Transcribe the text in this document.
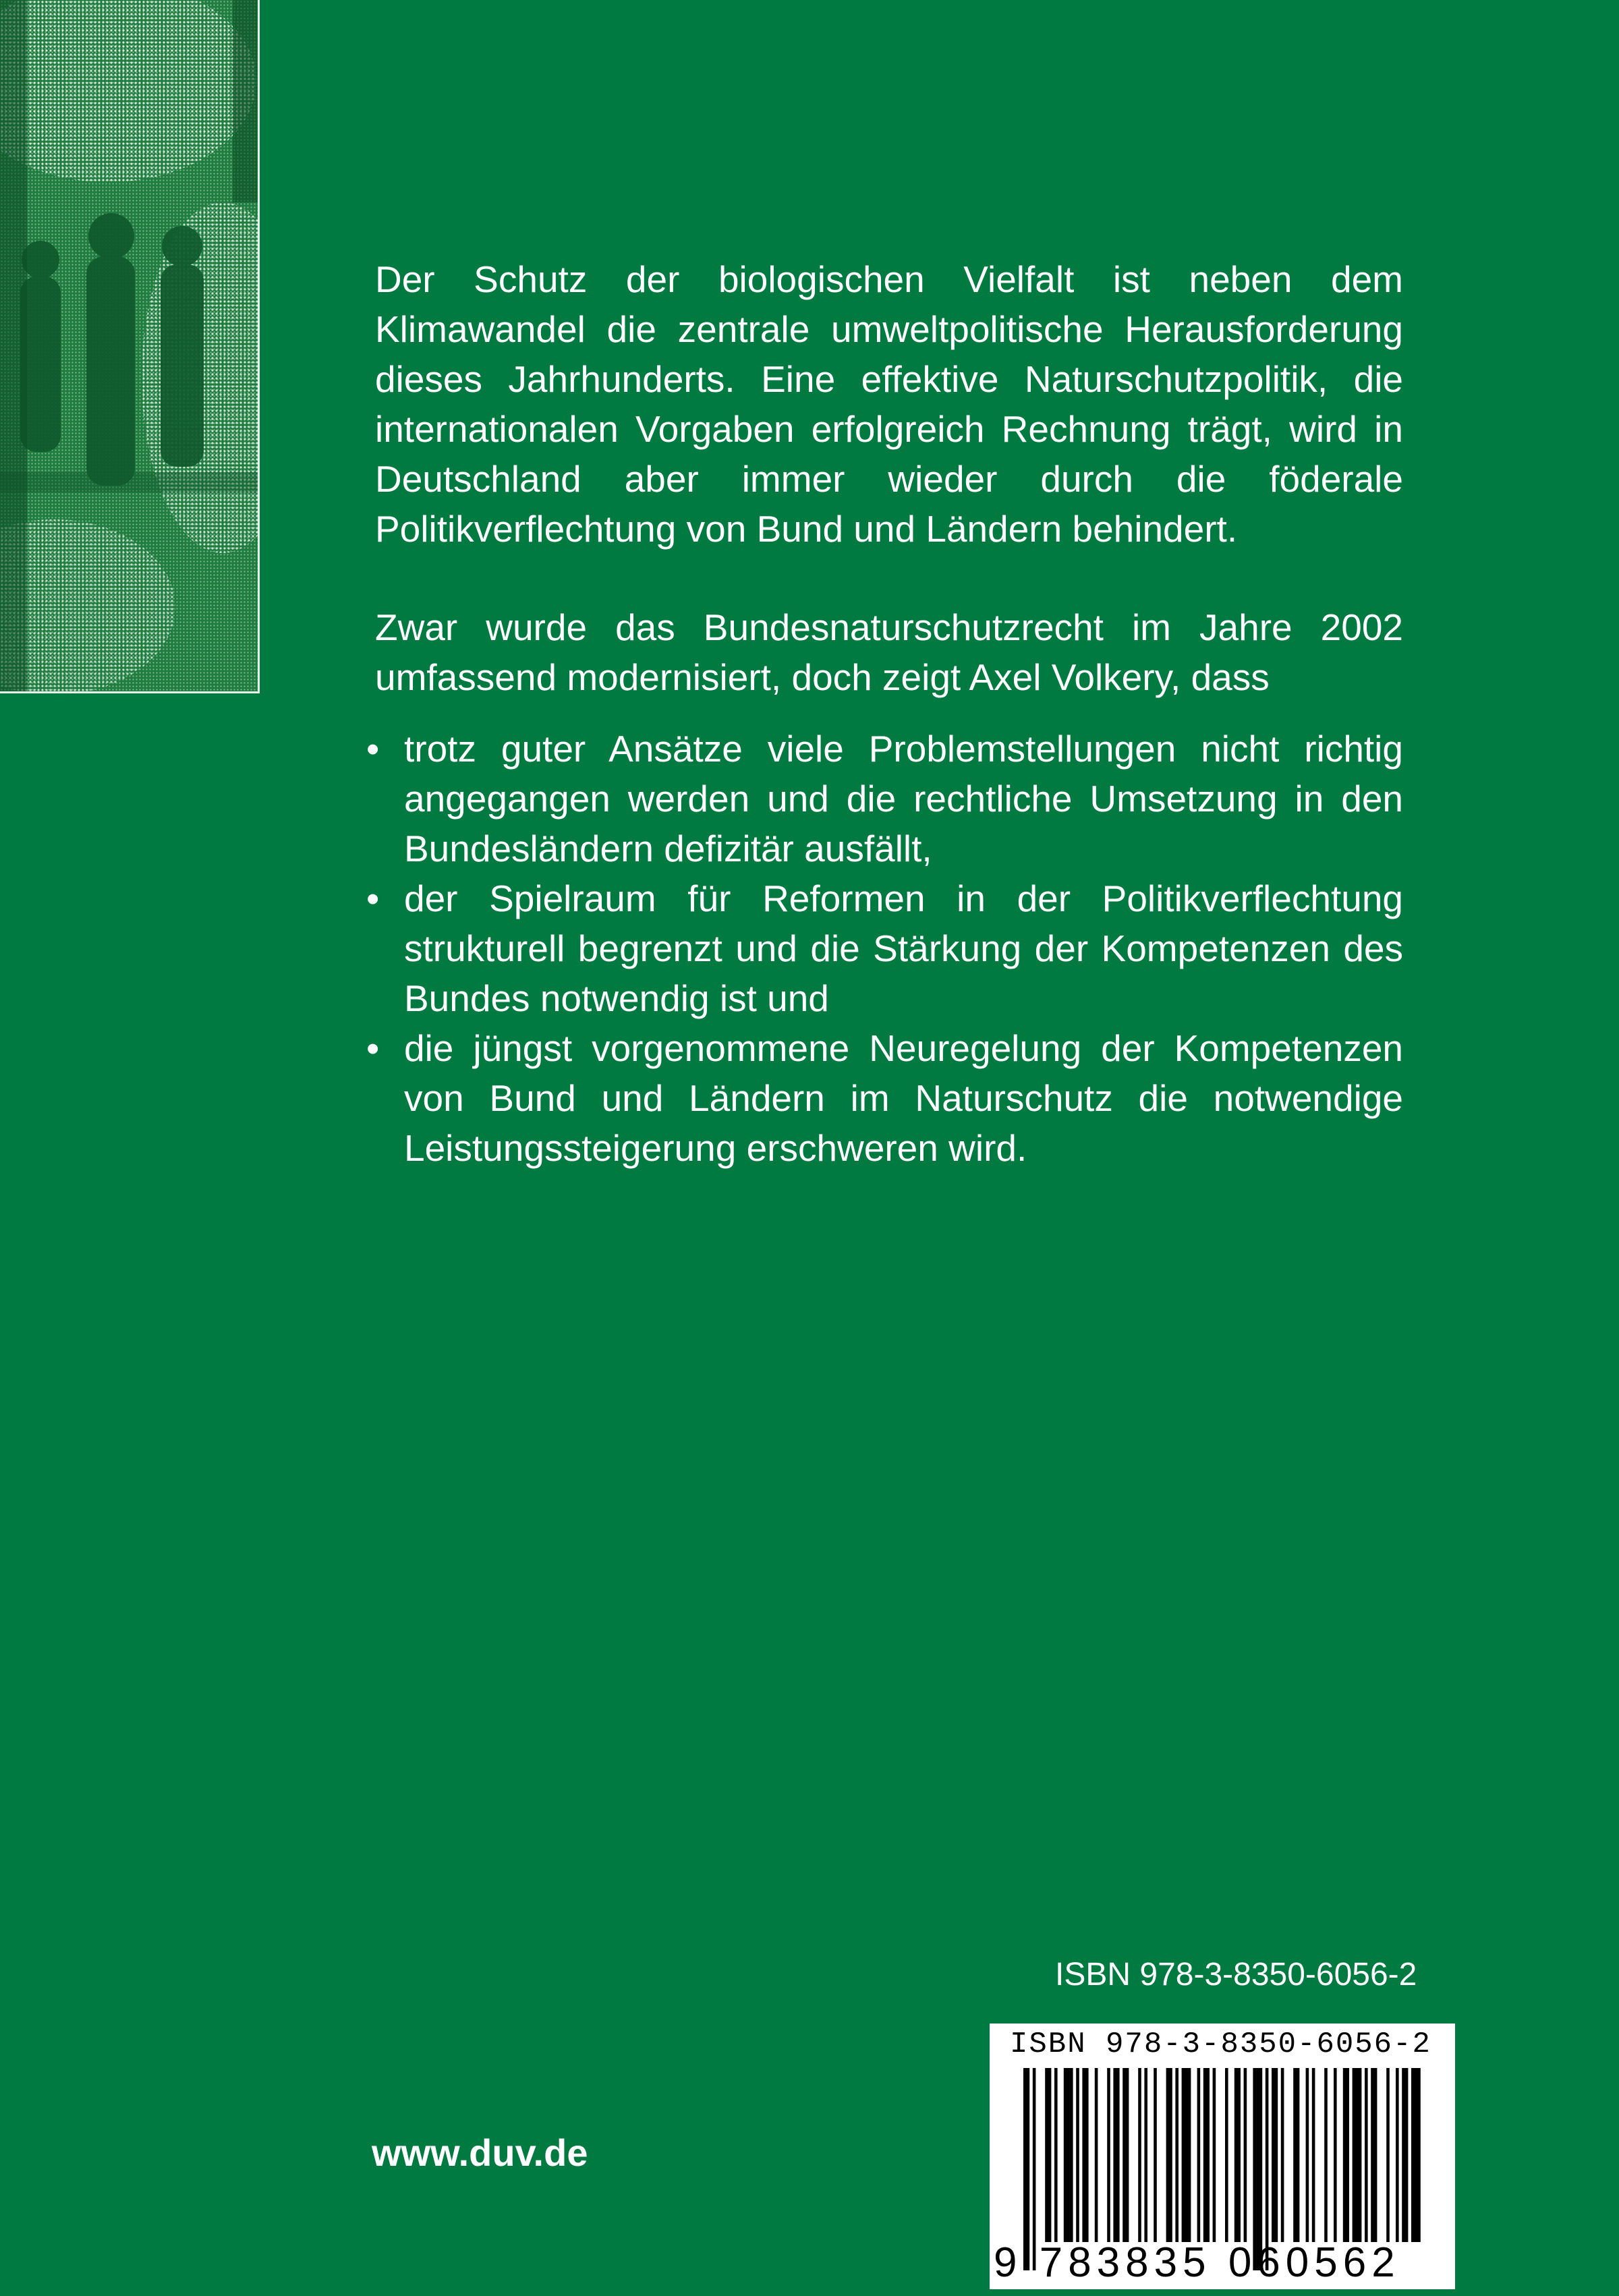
Der Schutz der biologischen Vielfalt ist neben dem Klimawandel die zentrale umweltpolitische Herausforderung dieses Jahrhunderts. Eine effektive Naturschutzpolitik, die internationalen Vorgaben erfolgreich Rechnung trägt, wird in Deutschland aber immer wieder durch die föderale Politikverflechtung von Bund und Ländern behindert.

Zwar wurde das Bundesnaturschutzrecht im Jahre 2002 umfassend modernisiert, doch zeigt Axel Volkery, dass

• trotz guter Ansätze viele Problemstellungen nicht richtig angegangen werden und die rechtliche Umsetzung in den Bundesländern defizitär ausfällt,
• der Spielraum für Reformen in der Politikverflechtung strukturell begrenzt und die Stärkung der Kompetenzen des Bundes notwendig ist und
• die jüngst vorgenommene Neuregelung der Kompetenzen von Bund und Ländern im Naturschutz die notwendige Leistungssteigerung erschweren wird.
ISBN 978-3-8350-6056-2
www.duv.de
ISBN 978-3-8350-6056-2
9 783835 060562
